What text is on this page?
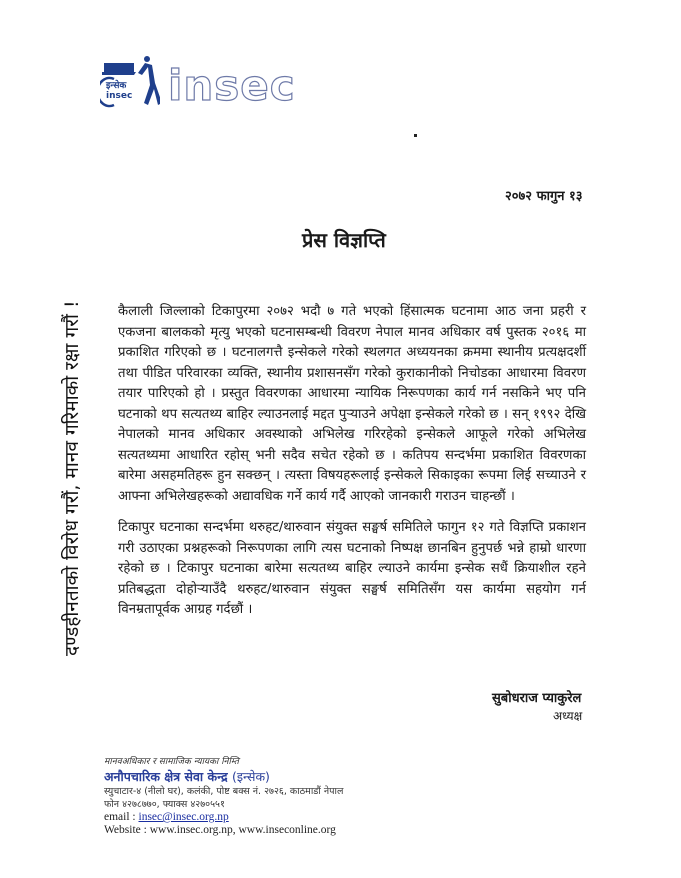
इन्सेक
insec insec
२०७२ फागुन १३
प्रेस विज्ञप्ति
दण्डहीनताको विरोध गरौं, मानव गरिमाको रक्षा गरौं !	कैलाली जिल्लाको टिकापुरमा २०७२ भदौ ७ गते भएको हिंसात्मक घटनामा आठ जना प्रहरी र एकजना बालकको मृत्यु भएको घटनासम्बन्धी विवरण नेपाल मानव अधिकार वर्ष पुस्तक २०१६ मा प्रकाशित गरिएको छ । घटनालगत्तै इन्सेकले गरेको स्थलगत अध्ययनका क्रममा स्थानीय प्रत्यक्षदर्शी तथा पीडित परिवारका व्यक्ति, स्थानीय प्रशासनसँग गरेको कुराकानीको निचोडका आधारमा विवरण तयार पारिएको हो । प्रस्तुत विवरणका आधारमा न्यायिक निरूपणका कार्य गर्न नसकिने भए पनि घटनाको थप सत्यतथ्य बाहिर ल्याउनलाई मद्दत पुऱ्याउने अपेक्षा इन्सेकले गरेको छ । सन् १९९२ देखि नेपालको मानव अधिकार अवस्थाको अभिलेख गरिरहेको इन्सेकले आफूले गरेको अभिलेख सत्यतथ्यमा आधारित रहोस् भनी सदैव सचेत रहेको छ । कतिपय सन्दर्भमा प्रकाशित विवरणका बारेमा असहमतिहरू हुन सक्छन् । त्यस्ता विषयहरूलाई इन्सेकले सिकाइका रूपमा लिई सच्याउने र आफ्ना अभिलेखहरूको अद्यावधिक गर्ने कार्य गर्दै आएको जानकारी गराउन चाहन्छौं ।
टिकापुर घटनाका सन्दर्भमा थरुहट/थारुवान संयुक्त सङ्घर्ष समितिले फागुन १२ गते विज्ञप्ति प्रकाशन गरी उठाएका प्रश्नहरूको निरूपणका लागि त्यस घटनाको निष्पक्ष छानबिन हुनुपर्छ भन्ने हाम्रो धारणा रहेको छ । टिकापुर घटनाका बारेमा सत्यतथ्य बाहिर ल्याउने कार्यमा इन्सेक सधैं क्रियाशील रहने प्रतिबद्धता दोहोऱ्याउँदै थरुहट/थारुवान संयुक्त सङ्घर्ष समितिसँग यस कार्यमा सहयोग गर्न विनम्रतापूर्वक आग्रह गर्दछौं ।
सुबोधराज प्याकुरेल
अध्यक्ष
मानवअधिकार र सामाजिक न्यायका निम्ति
अनौपचारिक क्षेत्र सेवा केन्द्र (इन्सेक)
स्युचाटार-४ (नीलो घर), कलंकी, पोष्ट बक्स नं. २७२६, काठमाडौं नेपाल
फोन ४२७८७७०, फ्याक्स ४२७०५५१
email : insec@insec.org.np
Website : www.insec.org.np, www.inseconline.org
